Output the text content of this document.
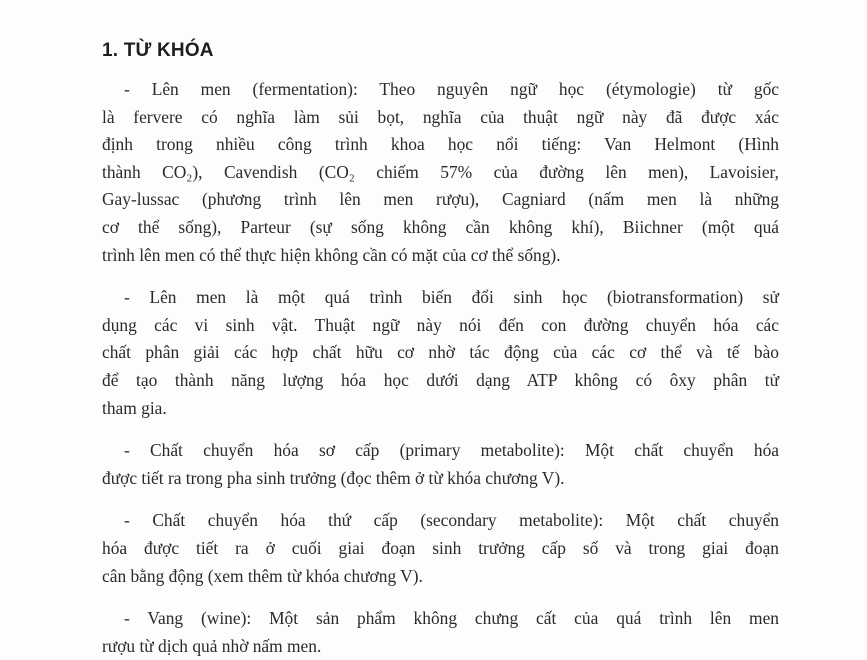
1. TỪ KHÓA

- Lên men (fermentation): Theo nguyên ngữ học (étymologie) từ gốc
là fervere có nghĩa làm sủi bọt, nghĩa của thuật ngữ này đã được xác
định trong nhiều công trình khoa học nổi tiếng: Van Helmont (Hình
thành CO₂), Cavendish (CO₂ chiếm 57% của đường lên men), Lavoisier,
Gay-lussac (phương trình lên men rượu), Cagniard (nấm men là những
cơ thể sống), Parteur (sự sống không cần không khí), Biichner (một quá
trình lên men có thể thực hiện không cần có mặt của cơ thể sống).

- Lên men là một quá trình biến đổi sinh học (biotransformation) sử
dụng các vi sinh vật. Thuật ngữ này nói đến con đường chuyển hóa các
chất phân giải các hợp chất hữu cơ nhờ tác động của các cơ thể và tế bào
để tạo thành năng lượng hóa học dưới dạng ATP không có ôxy phân tử
tham gia.

- Chất chuyển hóa sơ cấp (primary metabolite): Một chất chuyển hóa
được tiết ra trong pha sinh trưởng (đọc thêm ở từ khóa chương V).

- Chất chuyển hóa thứ cấp (secondary metabolite): Một chất chuyển
hóa được tiết ra ở cuối giai đoạn sinh trưởng cấp số và trong giai đoạn
cân bằng động (xem thêm từ khóa chương V).

- Vang (wine): Một sản phẩm không chưng cất của quá trình lên men
rượu từ dịch quả nhờ nấm men.
